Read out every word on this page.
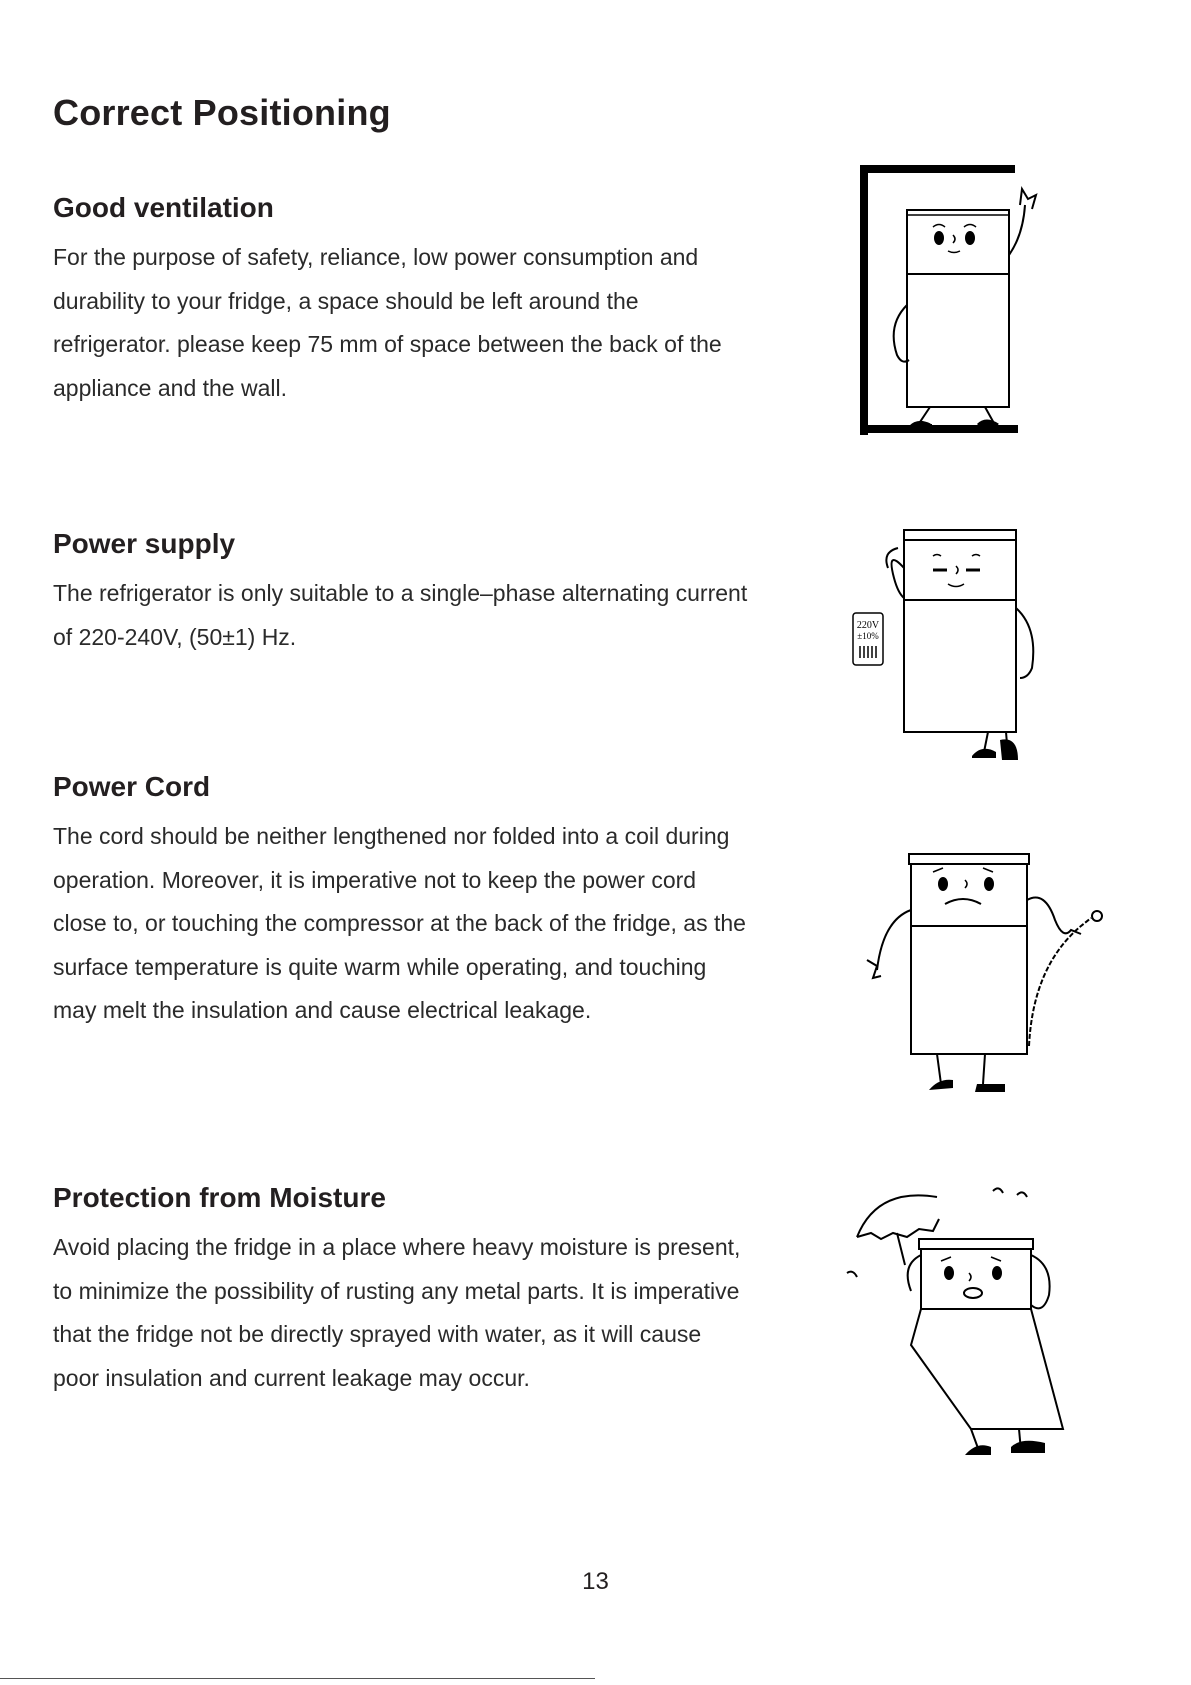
Correct Positioning
Good ventilation

For the purpose of safety, reliance, low power consumption and durability to your fridge, a space should be left around the refrigerator. please keep 75 mm of space between the back of the appliance and the wall.

Power supply

The refrigerator is only suitable to a single–phase alternating current of 220-240V, (50±1) Hz.

Power Cord

The cord should be neither lengthened nor folded into a coil during operation. Moreover, it is imperative not to keep the power cord close to, or touching the compressor at the back of the fridge, as the surface temperature is quite warm while operating, and touching may melt the insulation and cause electrical leakage.

Protection from Moisture

Avoid placing the fridge in a place where heavy moisture is present, to minimize the possibility of rusting any metal parts. It is imperative that the fridge not be directly sprayed with water, as it will cause poor insulation and current leakage may occur.

220V
±10%
13
